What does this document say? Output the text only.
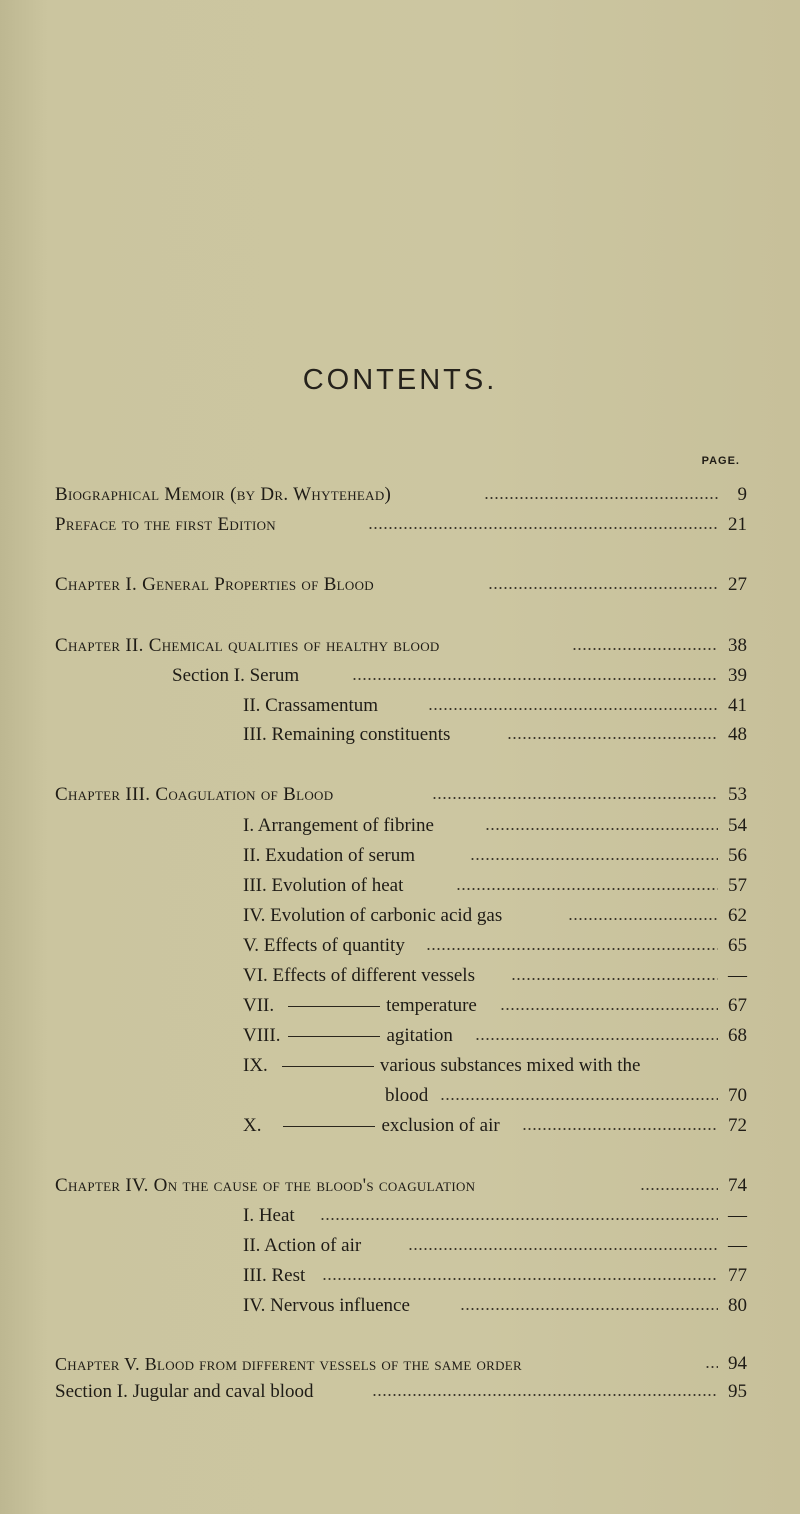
CONTENTS.
PAGE.
Biographical Memoir (by Dr. Whytehead)	9
Preface to the first Edition	21
Chapter I. General Properties of Blood	27
Chapter II. Chemical qualities of healthy blood	38
Section I. Serum	39
II. Crassamentum	41
III. Remaining constituents	48
Chapter III. Coagulation of Blood	53
I. Arrangement of fibrine	54
II. Exudation of serum	56
III. Evolution of heat	57
IV. Evolution of carbonic acid gas	62
V. Effects of quantity	65
VI. Effects of different vessels	—
VII.	temperature	67
VIII.	agitation	68
IX.	various substances mixed with the
blood	70
X.	exclusion of air	72
Chapter IV. On the cause of the blood's coagulation	74
I. Heat	—
II. Action of air	—
III. Rest	77
IV. Nervous influence	80
Chapter V. Blood from different vessels of the same order	94
Section I. Jugular and caval blood	95
